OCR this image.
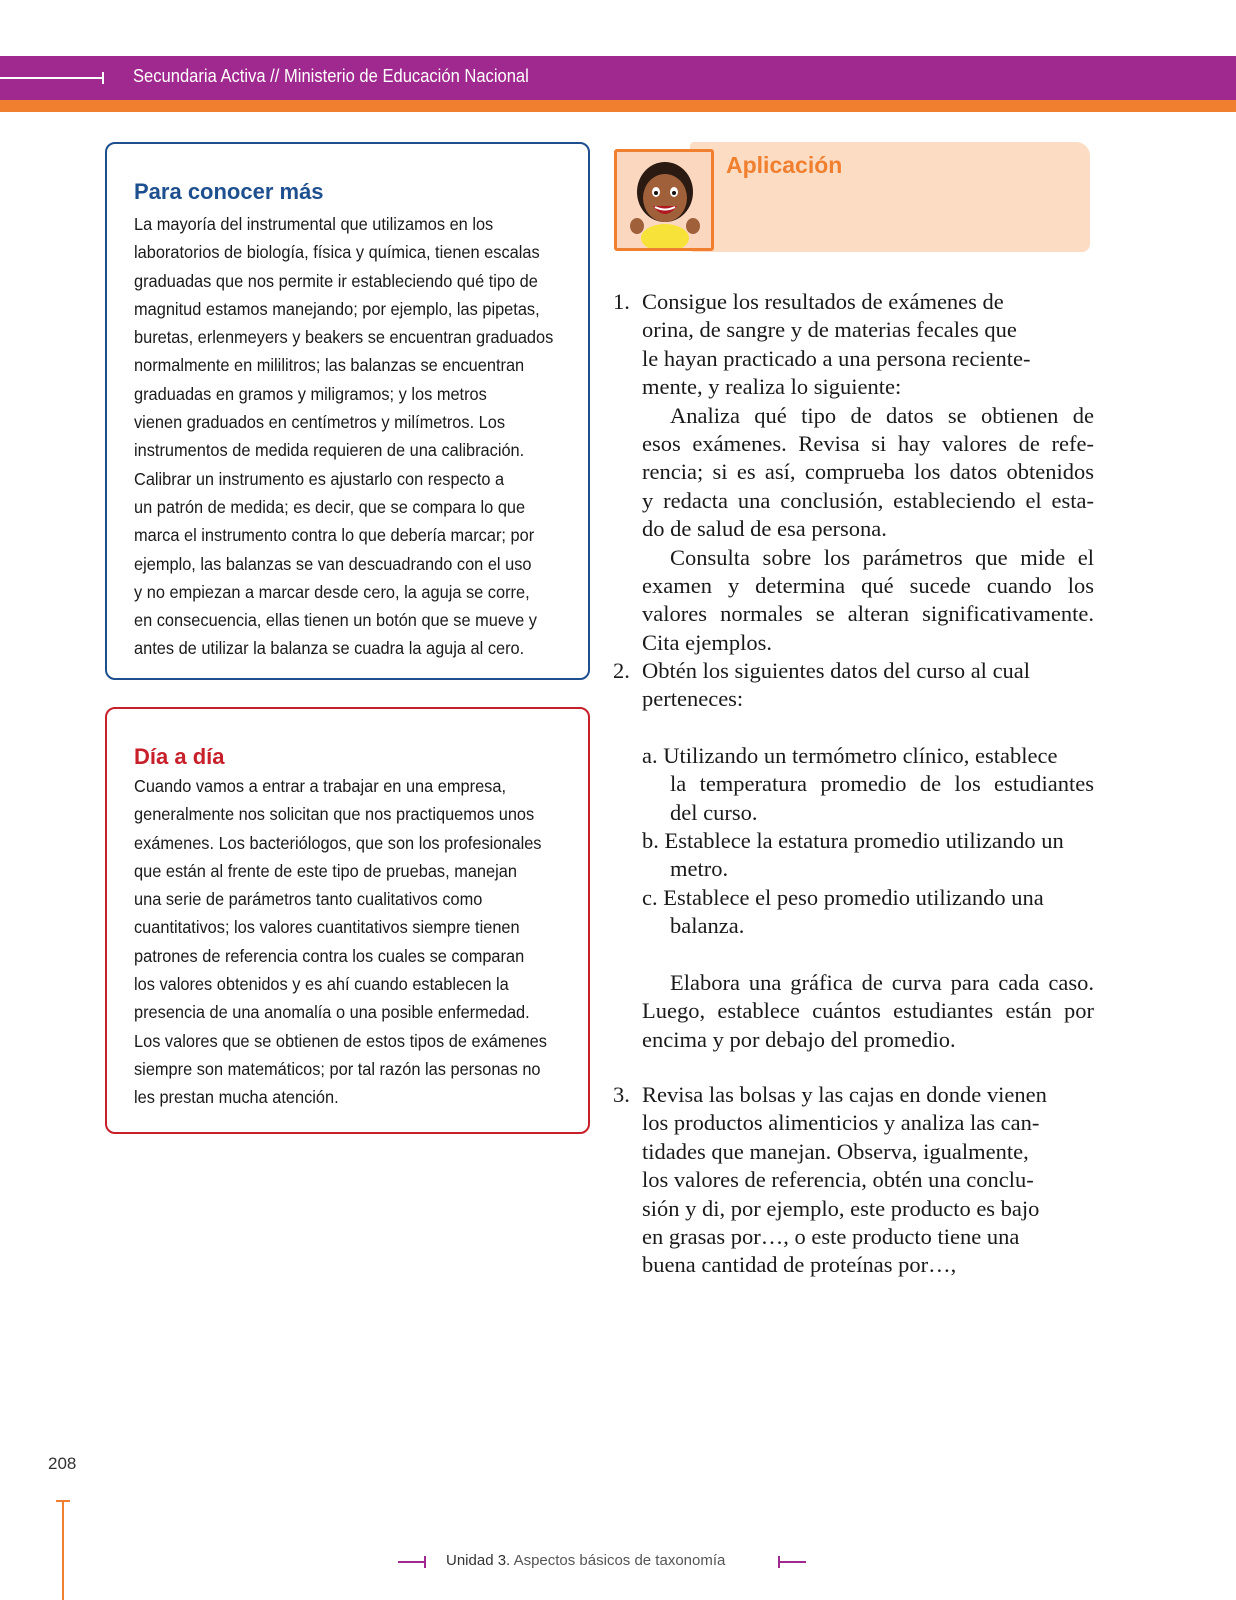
Secundaria Activa // Ministerio de Educación Nacional
Para conocer más

La mayoría del instrumental que utilizamos en los
laboratorios de biología, física y química, tienen escalas
graduadas que nos permite ir estableciendo qué tipo de
magnitud estamos manejando; por ejemplo, las pipetas,
buretas, erlenmeyers y beakers se encuentran graduados
normalmente en mililitros; las balanzas se encuentran
graduadas en gramos y miligramos; y los metros
vienen graduados en centímetros y milímetros. Los
instrumentos de medida requieren de una calibración.
Calibrar un instrumento es ajustarlo con respecto a
un patrón de medida; es decir, que se compara lo que
marca el instrumento contra lo que debería marcar; por
ejemplo, las balanzas se van descuadrando con el uso
y no empiezan a marcar desde cero, la aguja se corre,
en consecuencia, ellas tienen un botón que se mueve y
antes de utilizar la balanza se cuadra la aguja al cero.

Día a día

Cuando vamos a entrar a trabajar en una empresa,
generalmente nos solicitan que nos practiquemos unos
exámenes. Los bacteriólogos, que son los profesionales
que están al frente de este tipo de pruebas, manejan
una serie de parámetros tanto cualitativos como
cuantitativos; los valores cuantitativos siempre tienen
patrones de referencia contra los cuales se comparan
los valores obtenidos y es ahí cuando establecen la
presencia de una anomalía o una posible enfermedad.
Los valores que se obtienen de estos tipos de exámenes
siempre son matemáticos; por tal razón las personas no
les prestan mucha atención.

Aplicación
1. Consigue los resultados de exámenes de
orina, de sangre y de materias fecales que
le hayan practicado a una persona reciente-
mente, y realiza lo siguiente:
Analiza qué tipo de datos se obtienen de
esos exámenes. Revisa si hay valores de refe-
rencia; si es así, comprueba los datos obtenidos
y redacta una conclusión, estableciendo el esta-
do de salud de esa persona.
Consulta sobre los parámetros que mide el
examen y determina qué sucede cuando los
valores normales se alteran significativamente.
Cita ejemplos.
2. Obtén los siguientes datos del curso al cual
perteneces:
a. Utilizando un termómetro clínico, establece
la temperatura promedio de los estudiantes
del curso.
b. Establece la estatura promedio utilizando un
metro.
c. Establece el peso promedio utilizando una
balanza.
Elabora una gráfica de curva para cada caso.
Luego, establece cuántos estudiantes están por
encima y por debajo del promedio.
3. Revisa las bolsas y las cajas en donde vienen
los productos alimenticios y analiza las can-
tidades que manejan. Observa, igualmente,
los valores de referencia, obtén una conclu-
sión y di, por ejemplo, este producto es bajo
en grasas por…, o este producto tiene una
buena cantidad de proteínas por…,
208
Unidad 3. Aspectos básicos de taxonomía
